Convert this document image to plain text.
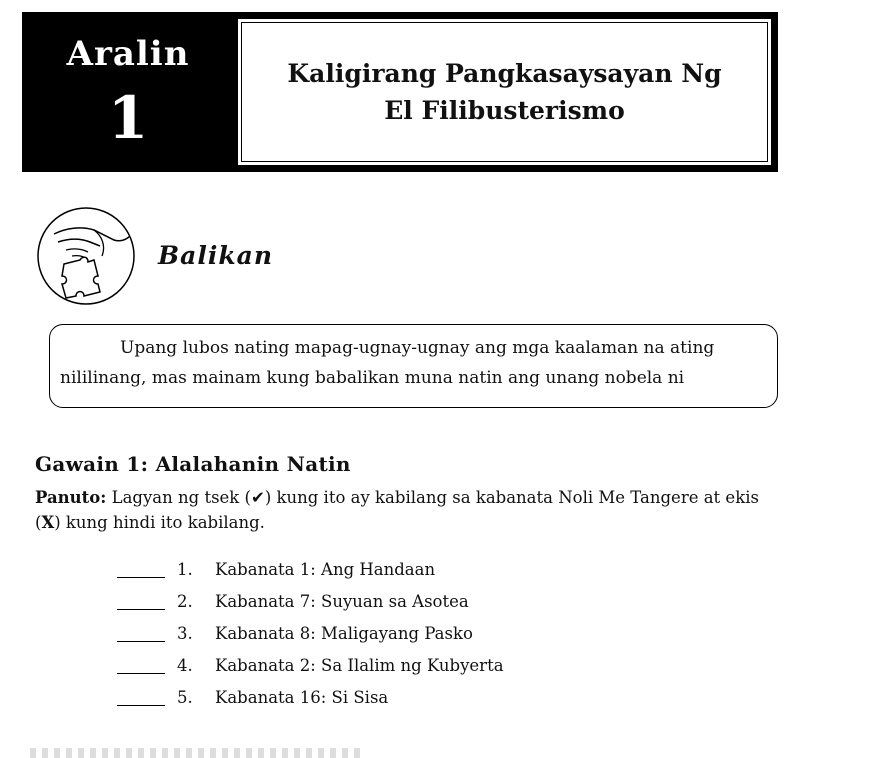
Aralin
1
Kaligirang Pangkasaysayan Ng
El Filibusterismo
Balikan
Upang lubos nating mapag-ugnay-ugnay ang mga kaalaman na ating
nililinang, mas mainam kung babalikan muna natin ang unang nobela ni
Gawain 1: Alalahanin Natin
Panuto: Lagyan ng tsek (✔) kung ito ay kabilang sa kabanata Noli Me Tangere at ekis (X) kung hindi ito kabilang.
1. Kabanata 1: Ang Handaan
2. Kabanata 7: Suyuan sa Asotea
3. Kabanata 8: Maligayang Pasko
4. Kabanata 2: Sa Ilalim ng Kubyerta
5. Kabanata 16: Si Sisa
